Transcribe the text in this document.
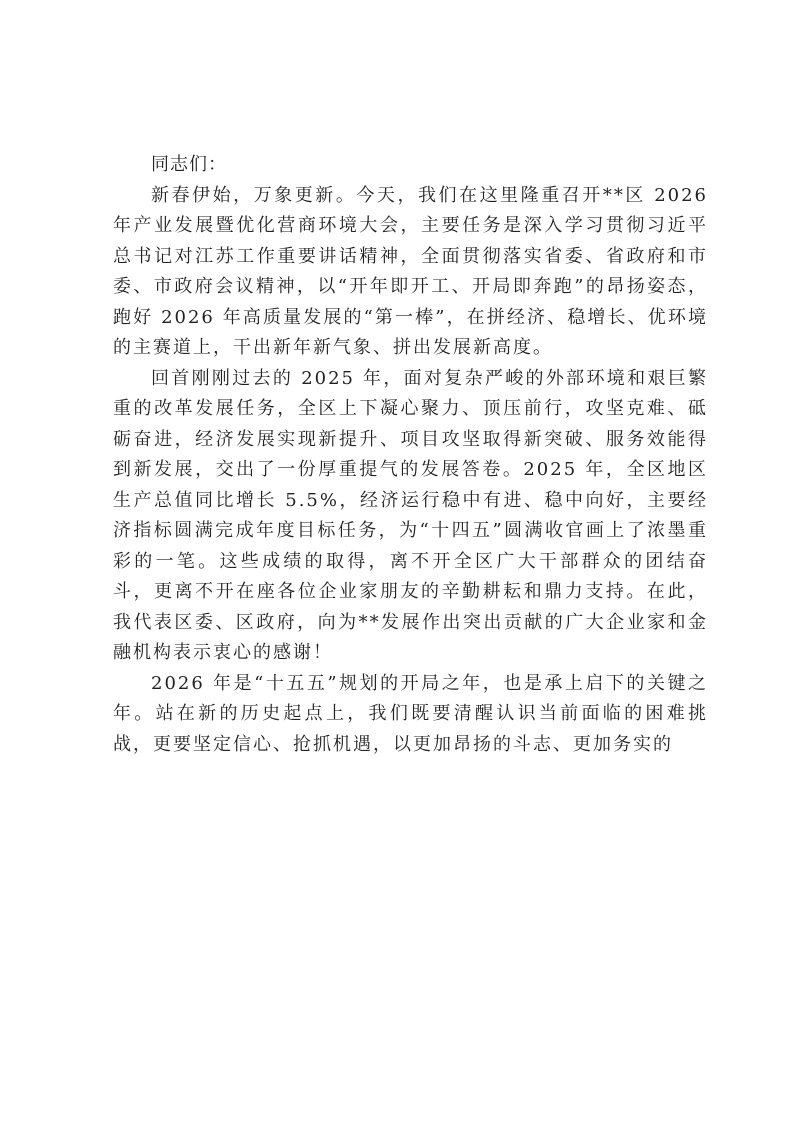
同志们：

新春伊始，万象更新。今天，我们在这里隆重召开**区 2026 年产业发展暨优化营商环境大会，主要任务是深入学习贯彻习近平总书记对江苏工作重要讲话精神，全面贯彻落实省委、省政府和市委、市政府会议精神，以“开年即开工、开局即奔跑”的昂扬姿态，跑好 2026 年高质量发展的“第一棒”，在拼经济、稳增长、优环境的主赛道上，干出新年新气象、拼出发展新高度。

回首刚刚过去的 2025 年，面对复杂严峻的外部环境和艰巨繁重的改革发展任务，全区上下凝心聚力、顶压前行，攻坚克难、砥砺奋进，经济发展实现新提升、项目攻坚取得新突破、服务效能得到新发展，交出了一份厚重提气的发展答卷。2025 年，全区地区生产总值同比增长 5.5%，经济运行稳中有进、稳中向好，主要经济指标圆满完成年度目标任务，为“十四五”圆满收官画上了浓墨重彩的一笔。这些成绩的取得，离不开全区广大干部群众的团结奋斗，更离不开在座各位企业家朋友的辛勤耕耘和鼎力支持。在此，我代表区委、区政府，向为**发展作出突出贡献的广大企业家和金融机构表示衷心的感谢！

2026 年是“十五五”规划的开局之年，也是承上启下的关键之年。站在新的历史起点上，我们既要清醒认识当前面临的困难挑战，更要坚定信心、抢抓机遇，以更加昂扬的斗志、更加务实的
